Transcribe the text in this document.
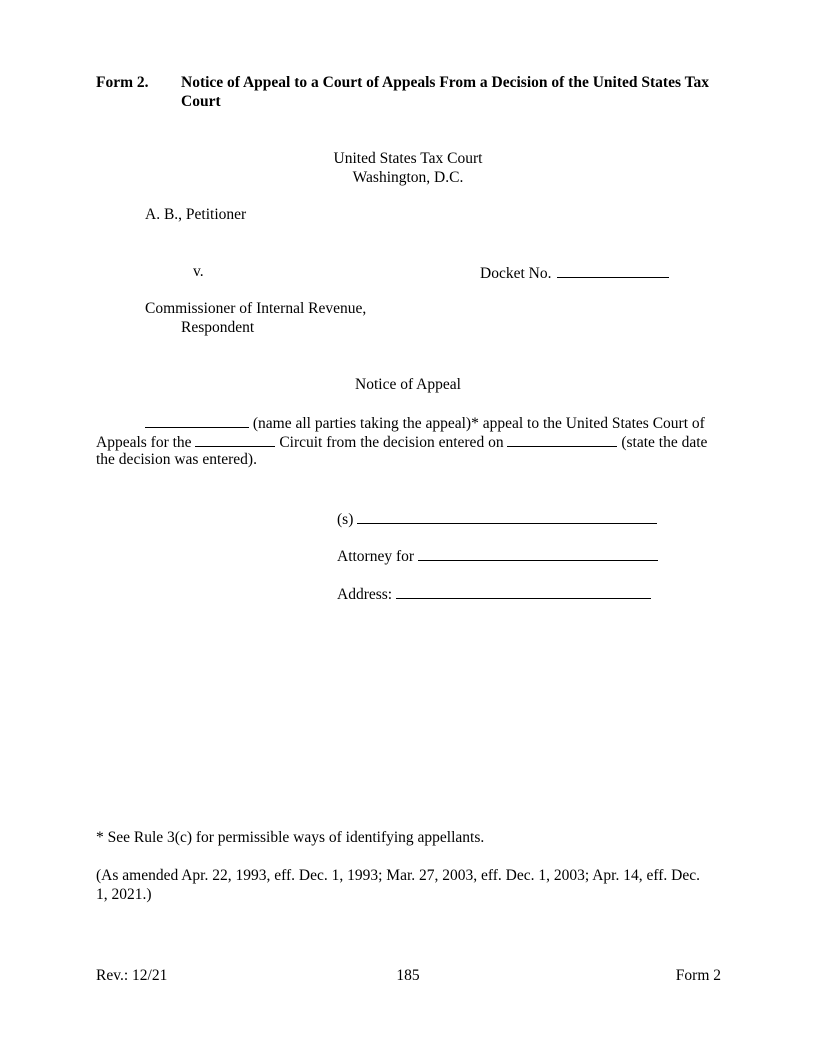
Form 2. Notice of Appeal to a Court of Appeals From a Decision of the United States Tax
Court
United States Tax Court
Washington, D.C.
A. B., Petitioner
v.	Docket No.
Commissioner of Internal Revenue,
Respondent
Notice of Appeal
(name all parties taking the appeal)* appeal to the United States Court of
Appeals for the	Circuit from the decision entered on	(state the date
the decision was entered).
(s)
Attorney for
Address:
* See Rule 3(c) for permissible ways of identifying appellants.
(As amended Apr. 22, 1993, eff. Dec. 1, 1993; Mar. 27, 2003, eff. Dec. 1, 2003; Apr. 14, eff. Dec.
1, 2021.)
Rev.: 12/21	185	Form 2
